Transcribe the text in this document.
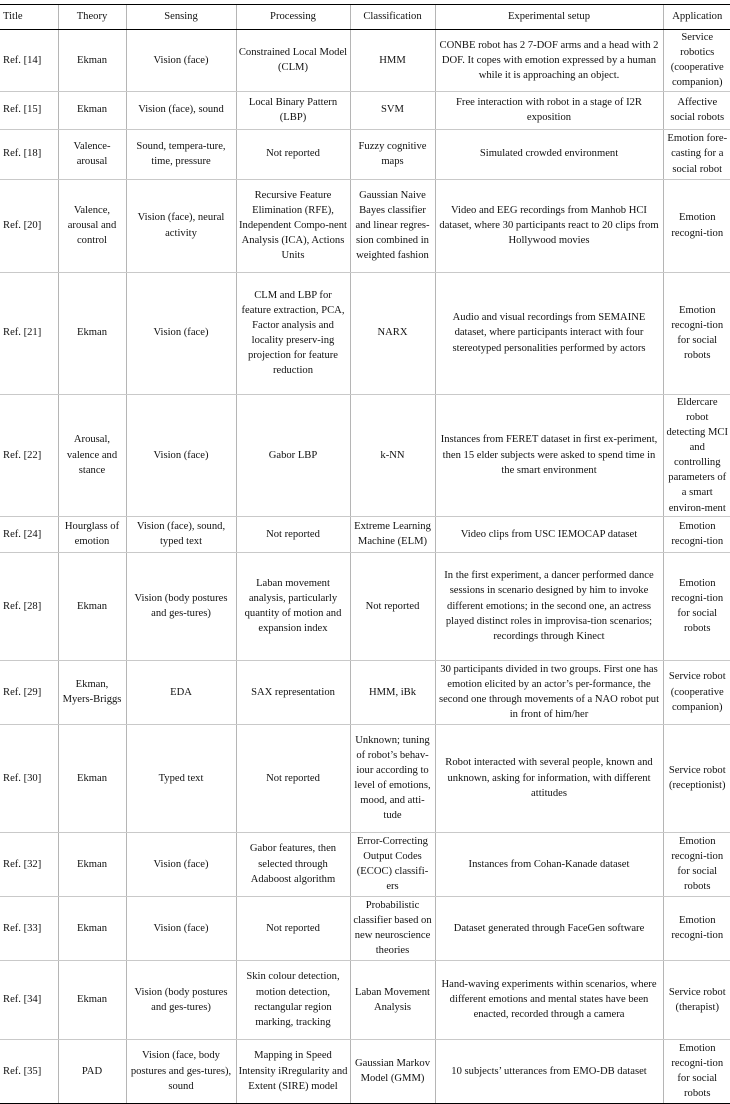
Title	Theory	Sensing	Processing	Classification	Experimental setup	Application
Ref. [14]	Ekman	Vision (face)	Constrained Local Model (CLM)	HMM	CONBE robot has 2 7-DOF arms and a head with 2 DOF. It copes with emotion expressed by a human while it is approaching an object.	Service robotics (cooperative companion)
Ref. [15]	Ekman	Vision (face), sound	Local Binary Pattern (LBP)	SVM	Free interaction with robot in a stage of I2R exposition	Affective social robots
Ref. [18]	Valence-arousal	Sound, tempera-ture, time, pressure	Not reported	Fuzzy cognitive maps	Simulated crowded environment	Emotion fore-casting for a social robot
Ref. [20]	Valence, arousal and control	Vision (face), neural activity	Recursive Feature Elimination (RFE), Independent Compo-nent Analysis (ICA), Actions Units	Gaussian Naive Bayes classifier and linear regres-sion combined in weighted fashion	Video and EEG recordings from Manhob HCI dataset, where 30 participants react to 20 clips from Hollywood movies	Emotion recogni-tion
Ref. [21]	Ekman	Vision (face)	CLM and LBP for feature extraction, PCA, Factor analysis and locality preserv-ing projection for feature reduction	NARX	Audio and visual recordings from SEMAINE dataset, where participants interact with four stereotyped personalities performed by actors	Emotion recogni-tion for social robots
Ref. [22]	Arousal, valence and stance	Vision (face)	Gabor LBP	k-NN	Instances from FERET dataset in first ex-periment, then 15 elder subjects were asked to spend time in the smart environment	Eldercare robot detecting MCI and controlling parameters of a smart environ-ment
Ref. [24]	Hourglass of emotion	Vision (face), sound, typed text	Not reported	Extreme Learning Machine (ELM)	Video clips from USC IEMOCAP dataset	Emotion recogni-tion
Ref. [28]	Ekman	Vision (body postures and ges-tures)	Laban movement analysis, particularly quantity of motion and expansion index	Not reported	In the first experiment, a dancer performed dance sessions in scenario designed by him to invoke different emotions; in the second one, an actress played distinct roles in improvisa-tion scenarios; recordings through Kinect	Emotion recogni-tion for social robots
Ref. [29]	Ekman, Myers-Briggs	EDA	SAX representation	HMM, iBk	30 participants divided in two groups. First one has emotion elicited by an actor’s per-formance, the second one through movements of a NAO robot put in front of him/her	Service robot (cooperative companion)
Ref. [30]	Ekman	Typed text	Not reported	Unknown; tuning of robot’s behav-iour according to level of emotions, mood, and atti-tude	Robot interacted with several people, known and unknown, asking for information, with different attitudes	Service robot (receptionist)
Ref. [32]	Ekman	Vision (face)	Gabor features, then selected through Adaboost algorithm	Error-Correcting Output Codes (ECOC) classifi-ers	Instances from Cohan-Kanade dataset	Emotion recogni-tion for social robots
Ref. [33]	Ekman	Vision (face)	Not reported	Probabilistic classifier based on new neuroscience theories	Dataset generated through FaceGen software	Emotion recogni-tion
Ref. [34]	Ekman	Vision (body postures and ges-tures)	Skin colour detection, motion detection, rectangular region marking, tracking	Laban Movement Analysis	Hand-waving experiments within scenarios, where different emotions and mental states have been enacted, recorded through a camera	Service robot (therapist)
Ref. [35]	PAD	Vision (face, body postures and ges-tures), sound	Mapping in Speed Intensity iRregularity and Extent (SIRE) model	Gaussian Markov Model (GMM)	10 subjects’ utterances from EMO-DB dataset	Emotion recogni-tion for social robots
